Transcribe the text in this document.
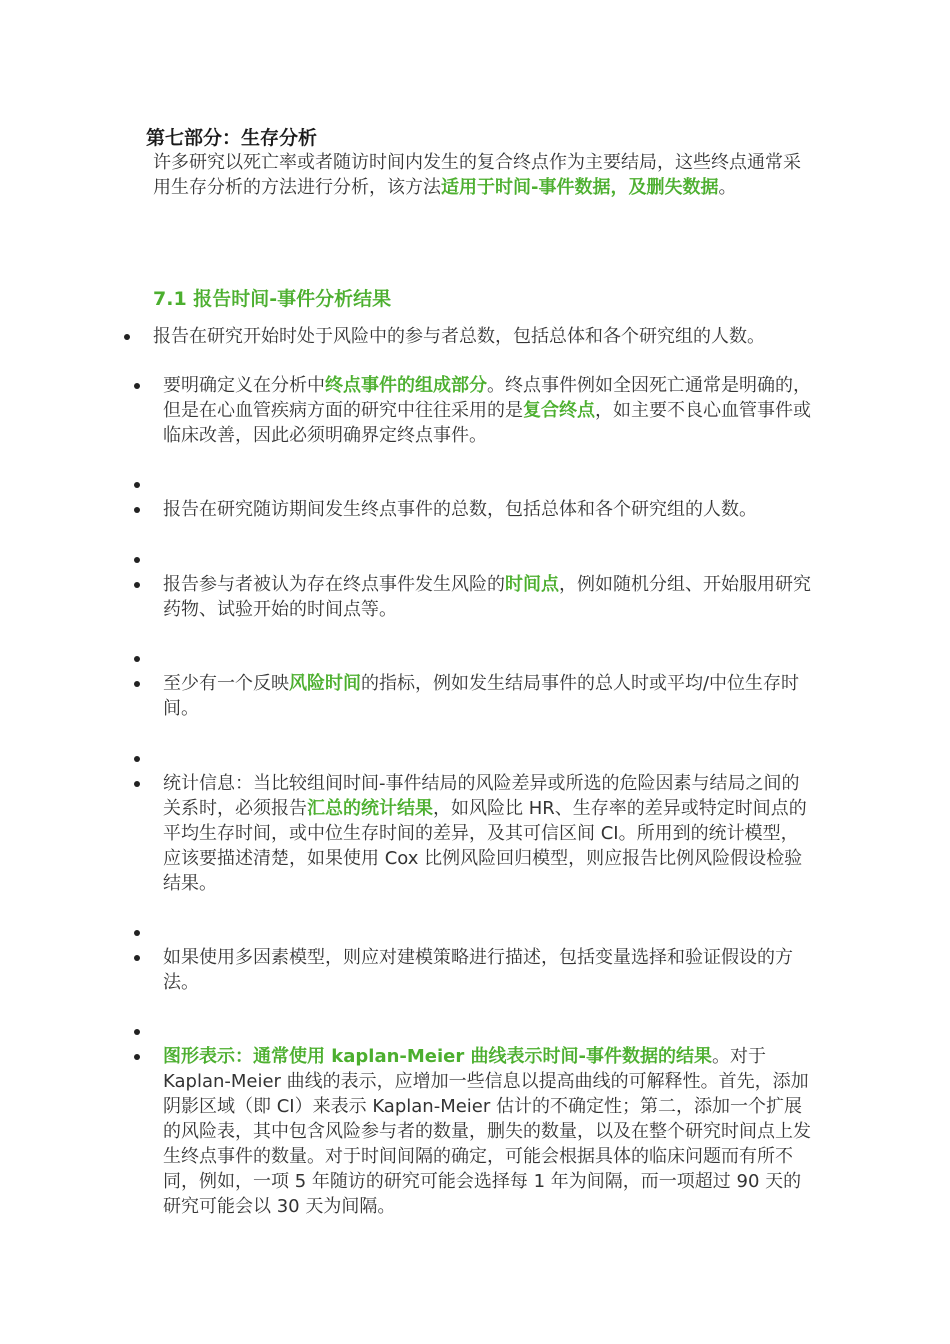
第七部分：生存分析
许多研究以死亡率或者随访时间内发生的复合终点作为主要结局，这些终点通常采用生存分析的方法进行分析，该方法适用于时间-事件数据，及删失数据。
7.1 报告时间-事件分析结果
报告在研究开始时处于风险中的参与者总数，包括总体和各个研究组的人数。
要明确定义在分析中终点事件的组成部分。终点事件例如全因死亡通常是明确的，但是在心血管疾病方面的研究中往往采用的是复合终点，如主要不良心血管事件或临床改善，因此必须明确界定终点事件。
报告在研究随访期间发生终点事件的总数，包括总体和各个研究组的人数。
报告参与者被认为存在终点事件发生风险的时间点，例如随机分组、开始服用研究药物、试验开始的时间点等。
至少有一个反映风险时间的指标，例如发生结局事件的总人时或平均/中位生存时间。
统计信息：当比较组间时间-事件结局的风险差异或所选的危险因素与结局之间的关系时，必须报告汇总的统计结果，如风险比 HR、生存率的差异或特定时间点的平均生存时间，或中位生存时间的差异，及其可信区间 CI。所用到的统计模型，应该要描述清楚，如果使用 Cox 比例风险回归模型，则应报告比例风险假设检验结果。
如果使用多因素模型，则应对建模策略进行描述，包括变量选择和验证假设的方法。
图形表示：通常使用 kaplan-Meier 曲线表示时间-事件数据的结果。对于 Kaplan-Meier 曲线的表示，应增加一些信息以提高曲线的可解释性。首先，添加阴影区域（即 CI）来表示 Kaplan-Meier 估计的不确定性；第二，添加一个扩展的风险表，其中包含风险参与者的数量，删失的数量，以及在整个研究时间点上发生终点事件的数量。对于时间间隔的确定，可能会根据具体的临床问题而有所不同，例如，一项 5 年随访的研究可能会选择每 1 年为间隔，而一项超过 90 天的研究可能会以 30 天为间隔。
